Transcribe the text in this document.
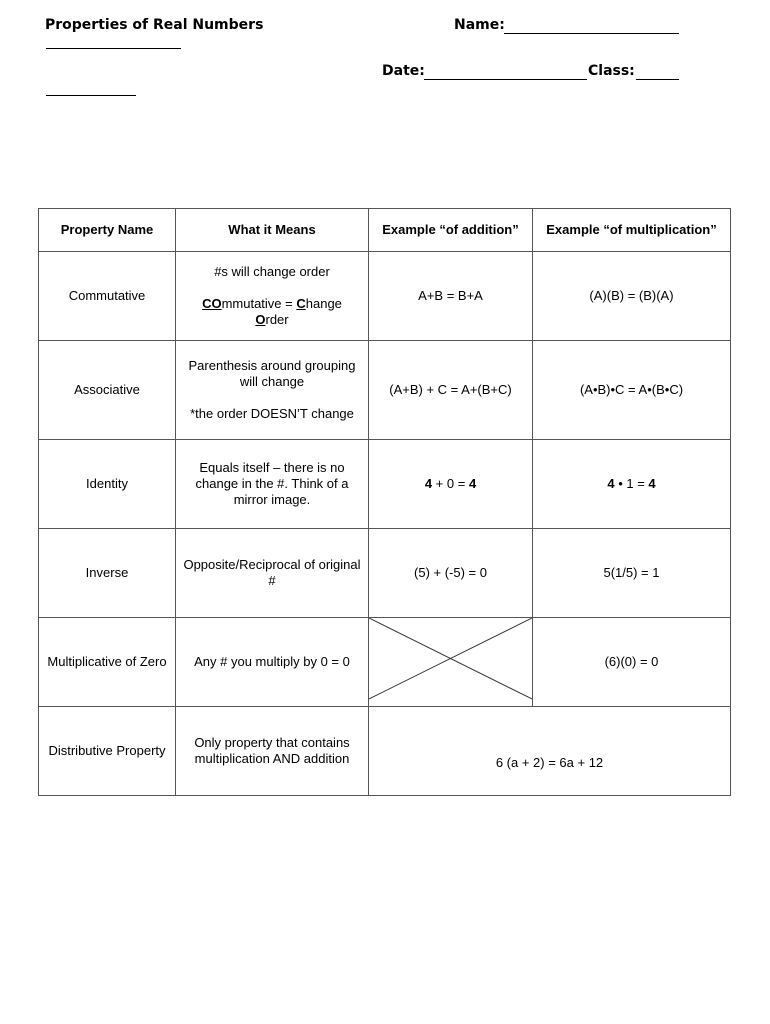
Properties of Real Numbers	Name:
Date:	Class:
Property Name	What it Means	Example “of addition”	Example “of multiplication”
Commutative	#s will change order

COmmutative = Change
Order	A+B = B+A	(A)(B) = (B)(A)
Associative	Parenthesis around grouping will change

*the order DOESN’T change	(A+B) + C = A+(B+C)	(A•B)•C = A•(B•C)
Identity	Equals itself – there is no change in the #. Think of a mirror image.	4 + 0 = 4	4 • 1 = 4
Inverse	Opposite/Reciprocal of original #	(5) + (-5) = 0	5(1/5) = 1
Multiplicative of Zero	Any # you multiply by 0 = 0		(6)(0) = 0
Distributive Property	Only property that contains multiplication AND addition	6 (a + 2) = 6a + 12	
